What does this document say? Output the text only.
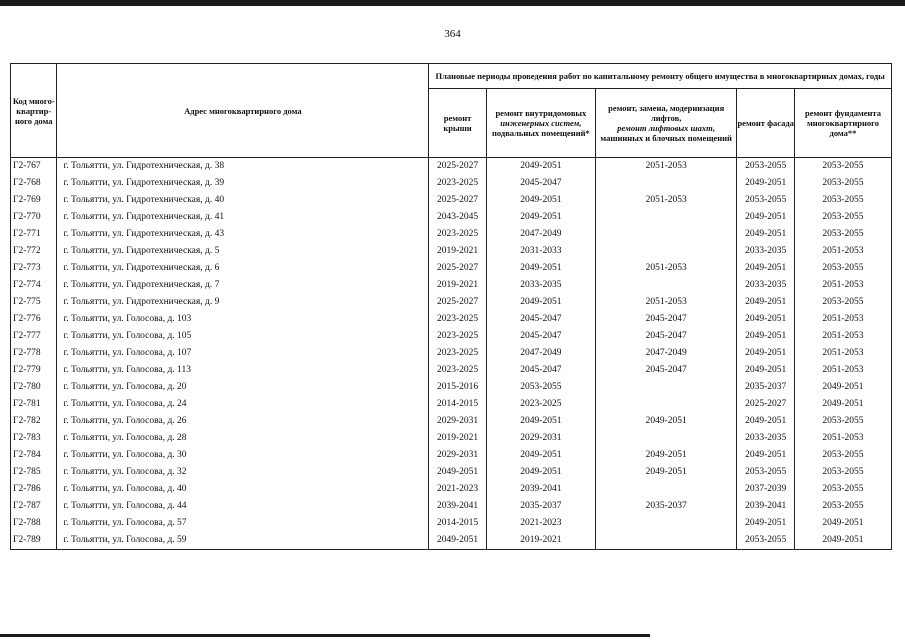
364
Код много-квартир-ного дома	Адрес многоквартирного дома	Плановые периоды проведения работ по капитальному ремонту общего имущества в многоквартирных домах, годы				
		ремонт крыши	ремонт внутридомовых
инженерных систем,
подвальных помещений*	ремонт, замена, модернизация лифтов,
ремонт лифтовых шахт,
машинных и блочных помещений	ремонт фасада	ремонт фундамента многоквартирного дома**
Г2-767	г. Тольятти, ул. Гидротехническая, д. 38	2025-2027	2049-2051	2051-2053	2053-2055	2053-2055
Г2-768	г. Тольятти, ул. Гидротехническая, д. 39	2023-2025	2045-2047		2049-2051	2053-2055
Г2-769	г. Тольятти, ул. Гидротехническая, д. 40	2025-2027	2049-2051	2051-2053	2053-2055	2053-2055
Г2-770	г. Тольятти, ул. Гидротехническая, д. 41	2043-2045	2049-2051		2049-2051	2053-2055
Г2-771	г. Тольятти, ул. Гидротехническая, д. 43	2023-2025	2047-2049		2049-2051	2053-2055
Г2-772	г. Тольятти, ул. Гидротехническая, д. 5	2019-2021	2031-2033		2033-2035	2051-2053
Г2-773	г. Тольятти, ул. Гидротехническая, д. 6	2025-2027	2049-2051	2051-2053	2049-2051	2053-2055
Г2-774	г. Тольятти, ул. Гидротехническая, д. 7	2019-2021	2033-2035		2033-2035	2051-2053
Г2-775	г. Тольятти, ул. Гидротехническая, д. 9	2025-2027	2049-2051	2051-2053	2049-2051	2053-2055
Г2-776	г. Тольятти, ул. Голосова, д. 103	2023-2025	2045-2047	2045-2047	2049-2051	2051-2053
Г2-777	г. Тольятти, ул. Голосова, д. 105	2023-2025	2045-2047	2045-2047	2049-2051	2051-2053
Г2-778	г. Тольятти, ул. Голосова, д. 107	2023-2025	2047-2049	2047-2049	2049-2051	2051-2053
Г2-779	г. Тольятти, ул. Голосова, д. 113	2023-2025	2045-2047	2045-2047	2049-2051	2051-2053
Г2-780	г. Тольятти, ул. Голосова, д. 20	2015-2016	2053-2055		2035-2037	2049-2051
Г2-781	г. Тольятти, ул. Голосова, д. 24	2014-2015	2023-2025		2025-2027	2049-2051
Г2-782	г. Тольятти, ул. Голосова, д. 26	2029-2031	2049-2051	2049-2051	2049-2051	2053-2055
Г2-783	г. Тольятти, ул. Голосова, д. 28	2019-2021	2029-2031		2033-2035	2051-2053
Г2-784	г. Тольятти, ул. Голосова, д. 30	2029-2031	2049-2051	2049-2051	2049-2051	2053-2055
Г2-785	г. Тольятти, ул. Голосова, д. 32	2049-2051	2049-2051	2049-2051	2053-2055	2053-2055
Г2-786	г. Тольятти, ул. Голосова, д. 40	2021-2023	2039-2041		2037-2039	2053-2055
Г2-787	г. Тольятти, ул. Голосова, д. 44	2039-2041	2035-2037	2035-2037	2039-2041	2053-2055
Г2-788	г. Тольятти, ул. Голосова, д. 57	2014-2015	2021-2023		2049-2051	2049-2051
Г2-789	г. Тольятти, ул. Голосова, д. 59	2049-2051	2019-2021		2053-2055	2049-2051
